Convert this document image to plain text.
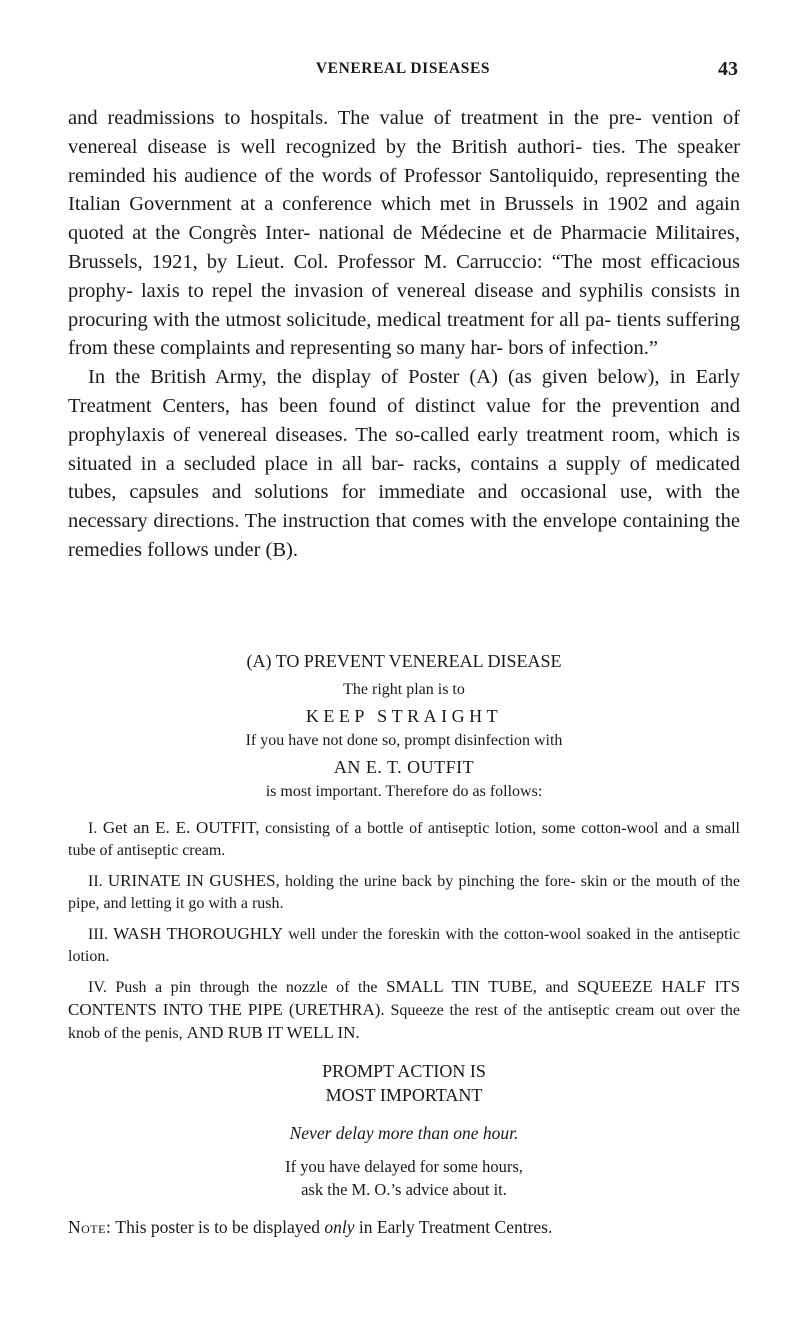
VENEREAL DISEASES	43

and readmissions to hospitals. The value of treatment in the pre- vention of venereal disease is well recognized by the British authori- ties. The speaker reminded his audience of the words of Professor Santoliquido, representing the Italian Government at a conference which met in Brussels in 1902 and again quoted at the Congrès Inter- national de Médecine et de Pharmacie Militaires, Brussels, 1921, by Lieut. Col. Professor M. Carruccio: “The most efficacious prophy- laxis to repel the invasion of venereal disease and syphilis consists in procuring with the utmost solicitude, medical treatment for all pa- tients suffering from these complaints and representing so many har- bors of infection.”

In the British Army, the display of Poster (A) (as given below), in Early Treatment Centers, has been found of distinct value for the prevention and prophylaxis of venereal diseases. The so-called early treatment room, which is situated in a secluded place in all bar- racks, contains a supply of medicated tubes, capsules and solutions for immediate and occasional use, with the necessary directions. The instruction that comes with the envelope containing the remedies follows under (B).

(A) TO PREVENT VENEREAL DISEASE

The right plan is to

KEEP STRAIGHT

If you have not done so, prompt disinfection with

AN E. T. OUTFIT

is most important. Therefore do as follows:

I. Get an E. E. OUTFIT, consisting of a bottle of antiseptic lotion, some cotton-wool and a small tube of antiseptic cream.

II. URINATE IN GUSHES, holding the urine back by pinching the fore- skin or the mouth of the pipe, and letting it go with a rush.

III. WASH THOROUGHLY well under the foreskin with the cotton-wool soaked in the antiseptic lotion.

IV. Push a pin through the nozzle of the SMALL TIN TUBE, and SQUEEZE HALF ITS CONTENTS INTO THE PIPE (URETHRA). Squeeze the rest of the antiseptic cream out over the knob of the penis, AND RUB IT WELL IN.

PROMPT ACTION IS

MOST IMPORTANT

Never delay more than one hour.

If you have delayed for some hours,

ask the M. O.’s advice about it.

Note: This poster is to be displayed only in Early Treatment Centres.
